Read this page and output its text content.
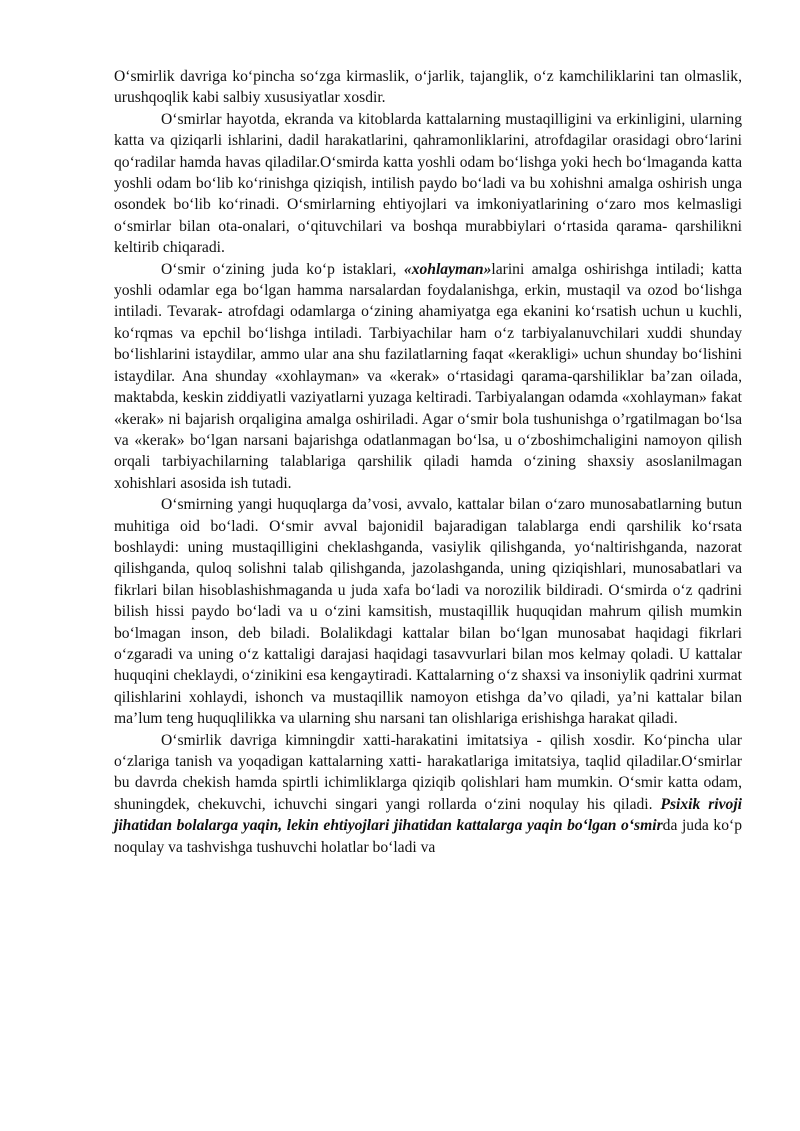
O‘smirlik davriga ko‘pincha so‘zga kirmaslik, o‘jarlik, tajanglik, o‘z kamchiliklarini tan olmaslik, urushqoqlik kabi salbiy xususiyatlar xosdir.

O‘smirlar hayotda, ekranda va kitoblarda kattalarning mustaqilligini va erkinligini, ularning katta va qiziqarli ishlarini, dadil harakatlarini, qahramonliklarini, atrofdagilar orasidagi obro‘larini qo‘radilar hamda havas qiladilar.O‘smirda katta yoshli odam bo‘lishga yoki hech bo‘lmaganda katta yoshli odam bo‘lib ko‘rinishga qiziqish, intilish paydo bo‘ladi va bu xohishni amalga oshirish unga osondek bo‘lib ko‘rinadi. O‘smirlarning ehtiyojlari va imkoniyatlarining o‘zaro mos kelmasligi o‘smirlar bilan ota-onalari, o‘qituvchilari va boshqa murabbiylari o‘rtasida qarama- qarshilikni keltirib chiqaradi.

O‘smir o‘zining juda ko‘p istaklari, «xohlayman»larini amalga oshirishga intiladi; katta yoshli odamlar ega bo‘lgan hamma narsalardan foydalanishga, erkin, mustaqil va ozod bo‘lishga intiladi. Tevarak- atrofdagi odamlarga o‘zining ahamiyatga ega ekanini ko‘rsatish uchun u kuchli, ko‘rqmas va epchil bo‘lishga intiladi. Tarbiyachilar ham o‘z tarbiyalanuvchilari xuddi shunday bo‘lishlarini istaydilar, ammo ular ana shu fazilatlarning faqat «kerakligi» uchun shunday bo‘lishini istaydilar. Ana shunday «xohlayman» va «kerak» o‘rtasidagi qarama-qarshiliklar ba’zan oilada, maktabda, keskin ziddiyatli vaziyatlarni yuzaga keltiradi. Tarbiyalangan odamda «xohlayman» fakat «kerak» ni bajarish orqaligina amalga oshiriladi. Agar o‘smir bola tushunishga o’rgatilmagan bo‘lsa va «kerak» bo‘lgan narsani bajarishga odatlanmagan bo‘lsa, u o‘zboshimchaligini namoyon qilish orqali tarbiyachilarning talablariga qarshilik qiladi hamda o‘zining shaxsiy asoslanilmagan xohishlari asosida ish tutadi.

O‘smirning yangi huquqlarga da’vosi, avvalo, kattalar bilan o‘zaro munosabatlarning butun muhitiga oid bo‘ladi. O‘smir avval bajonidil bajaradigan talablarga endi qarshilik ko‘rsata boshlaydi: uning mustaqilligini cheklashganda, vasiylik qilishganda, yo‘naltirishganda, nazorat qilishganda, quloq solishni talab qilishganda, jazolashganda, uning qiziqishlari, munosabatlari va fikrlari bilan hisoblashishmaganda u juda xafa bo‘ladi va norozilik bildiradi. O‘smirda o‘z qadrini bilish hissi paydo bo‘ladi va u o‘zini kamsitish, mustaqillik huquqidan mahrum qilish mumkin bo‘lmagan inson, deb biladi. Bolalikdagi kattalar bilan bo‘lgan munosabat haqidagi fikrlari o‘zgaradi va uning o‘z kattaligi darajasi haqidagi tasavvurlari bilan mos kelmay qoladi. U kattalar huquqini cheklaydi, o‘zinikini esa kengaytiradi. Kattalarning o‘z shaxsi va insoniylik qadrini xurmat qilishlarini xohlaydi, ishonch va mustaqillik namoyon etishga da’vo qiladi, ya’ni kattalar bilan ma’lum teng huquqlilikka va ularning shu narsani tan olishlariga erishishga harakat qiladi.

O‘smirlik davriga kimningdir xatti-harakatini imitatsiya - qilish xosdir. Ko‘pincha ular o‘zlariga tanish va yoqadigan kattalarning xatti- harakatlariga imitatsiya, taqlid qiladilar.O‘smirlar bu davrda chekish hamda spirtli ichimliklarga qiziqib qolishlari ham mumkin. O‘smir katta odam, shuningdek, chekuvchi, ichuvchi singari yangi rollarda o‘zini noqulay his qiladi. Psixik rivoji jihatidan bolalarga yaqin, lekin ehtiyojlari jihatidan kattalarga yaqin bo‘lgan o‘smirda juda ko‘p noqulay va tashvishga tushuvchi holatlar bo‘ladi va
